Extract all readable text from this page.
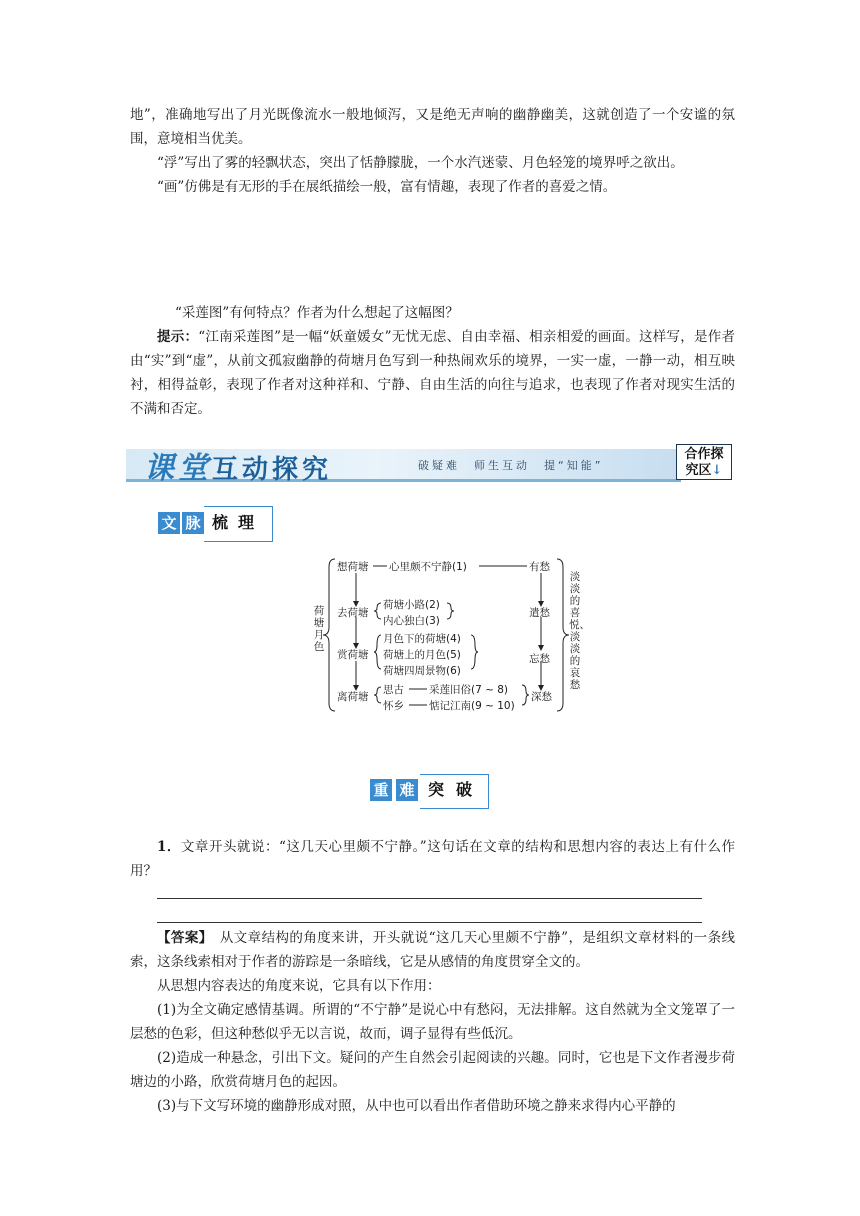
地”，准确地写出了月光既像流水一般地倾泻，又是绝无声响的幽静幽美，这就创造了一个安谧的氛围，意境相当优美。

“浮”写出了雾的轻飘状态，突出了恬静朦胧，一个水汽迷蒙、月色轻笼的境界呼之欲出。

“画”仿佛是有无形的手在展纸描绘一般，富有情趣，表现了作者的喜爱之情。

“采莲图”有何特点？作者为什么想起了这幅图？

提示：“江南采莲图”是一幅“妖童媛女”无忧无虑、自由幸福、相亲相爱的画面。这样写，是作者由“实”到“虚”，从前文孤寂幽静的荷塘月色写到一种热闹欢乐的境界，一实一虚，一静一动，相互映衬，相得益彰，表现了作者对这种祥和、宁静、自由生活的向往与追求，也表现了作者对现实生活的不满和否定。

课堂互动探究	破疑难　师生互动　提“知能”
合作探
究区↓
文 脉 梳 理
荷塘月色
想荷塘
去荷塘
赏荷塘
离荷塘
心里颇不宁静(1)
荷塘小路(2)
内心独白(3)
月色下的荷塘(4)
荷塘上的月色(5)
荷塘四周景物(6)
思古
怀乡
采莲旧俗(7 ~ 8)
惦记江南(9 ~ 10)
有愁
遣愁
忘愁
深愁
淡淡的喜悦、淡淡的哀愁
重 难 突 破

1．文章开头就说：“这几天心里颇不宁静。”这句话在文章的结构和思想内容的表达上有什么作用？

【答案】　 从文章结构的角度来讲，开头就说“这几天心里颇不宁静”，是组织文章材料的一条线索，这条线索相对于作者的游踪是一条暗线，它是从感情的角度贯穿全文的。

从思想内容表达的角度来说，它具有以下作用：

(1)为全文确定感情基调。所谓的“不宁静”是说心中有愁闷，无法排解。这自然就为全文笼罩了一层愁的色彩，但这种愁似乎无以言说，故而，调子显得有些低沉。

(2)造成一种悬念，引出下文。疑问的产生自然会引起阅读的兴趣。同时，它也是下文作者漫步荷塘边的小路，欣赏荷塘月色的起因。

(3)与下文写环境的幽静形成对照，从中也可以看出作者借助环境之静来求得内心平静的
